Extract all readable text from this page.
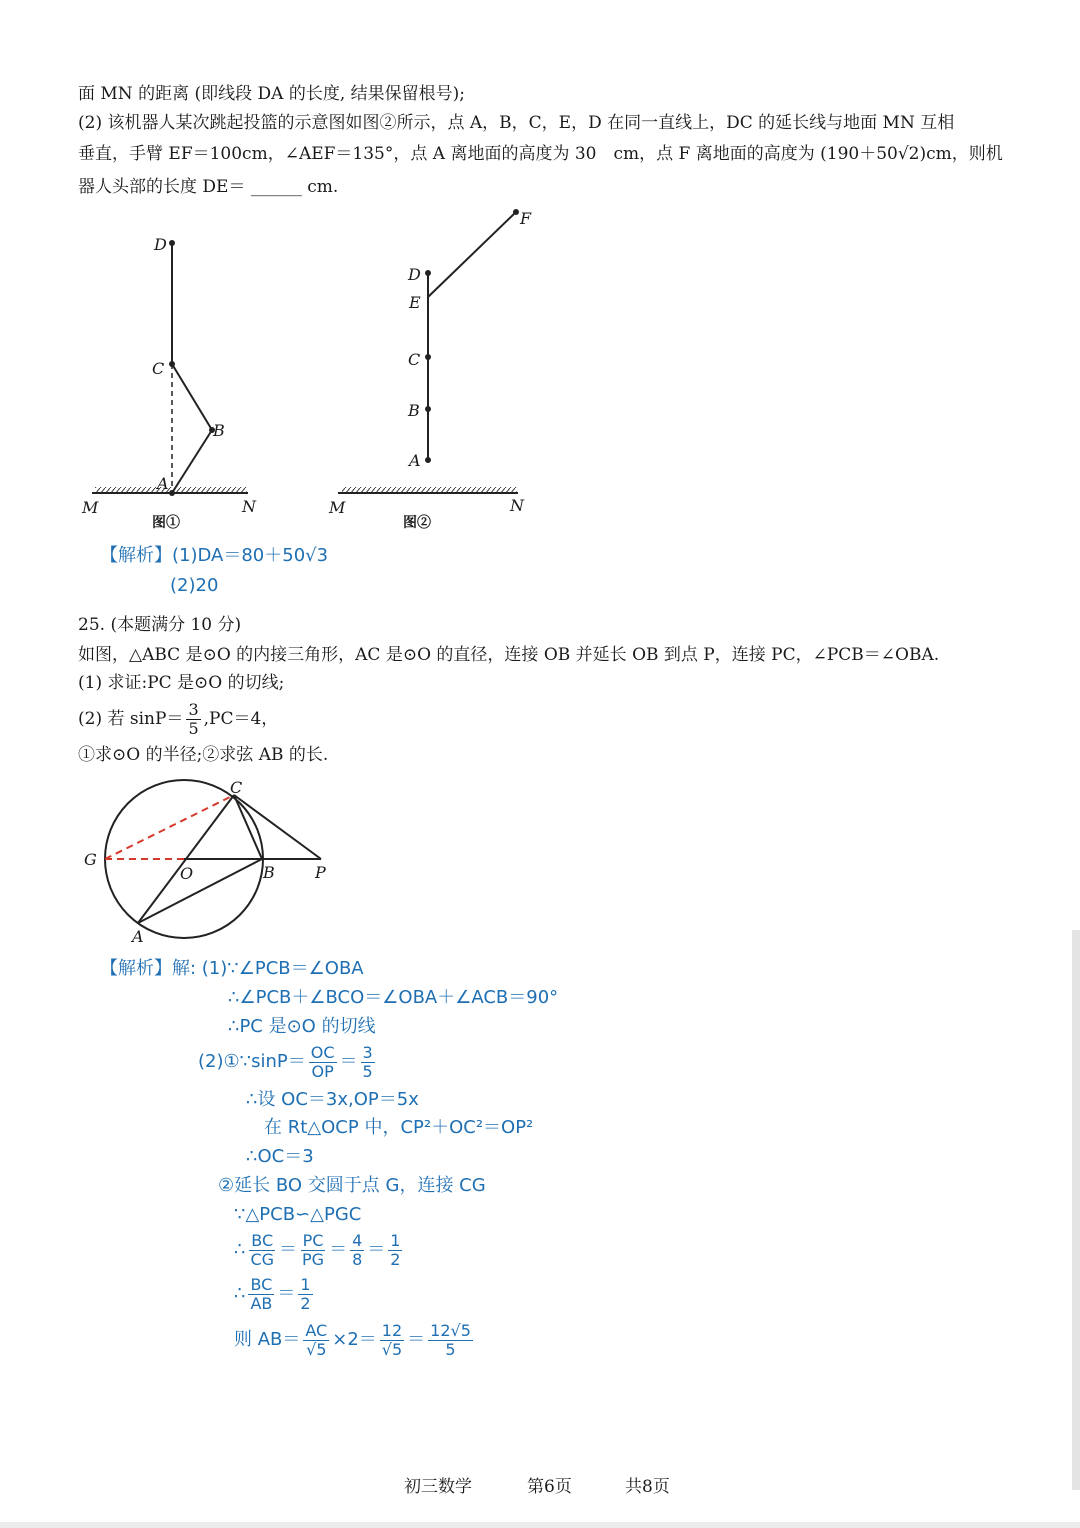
面 MN 的距离 (即线段 DA 的长度, 结果保留根号);
(2) 该机器人某次跳起投篮的示意图如图②所示，点 A，B，C，E，D 在同一直线上，DC 的延长线与地面 MN 互相
垂直，手臂 EF＝100cm，∠AEF＝135°，点 A 离地面的高度为 30　cm，点 F 离地面的高度为 (190＋50√2)cm，则机
器人头部的长度 DE＝ ______ cm.
D
C
B
A
M	N
图①
F
D
E
C
B
A
M	N
图②
【解析】(1)DA＝80＋50√3
(2)20
25. (本题满分 10 分)
如图，△ABC 是⊙O 的内接三角形，AC 是⊙O 的直径，连接 OB 并延长 OB 到点 P，连接 PC，∠PCB＝∠OBA.
(1) 求证:PC 是⊙O 的切线;
(2) 若 $\sin P= \frac{3}{5} ,PC=4$，
①求⊙O 的半径;②求弦 AB 的长.
C
G
O	B	P
A
【解析】解: (1)∵∠PCB＝∠OBA
∴∠PCB＋∠BCO＝∠OBA＋∠ACB＝90°
∴PC 是⊙O 的切线
(2)①∵sinP＝ $\frac{OC}{OP} = \frac{3}{5}$
∴设 OC＝3x,OP＝5x
在 Rt△OCP 中，CP²＋OC²＝OP²
∴OC＝3
②延长 BO 交圆于点 G，连接 CG
∵△PCB∽△PGC
∴ $\frac{BC}{CG} = \frac{PC}{PG} = \frac{4}{8} = \frac{1}{2}$
∴ $\frac{BC}{AB} = \frac{1}{2}$
则 $AB= \frac{AC}{√5} \times 2= \frac{12}{√5} = \frac{12√5}{5}$
初三数学	第6页	共8页
